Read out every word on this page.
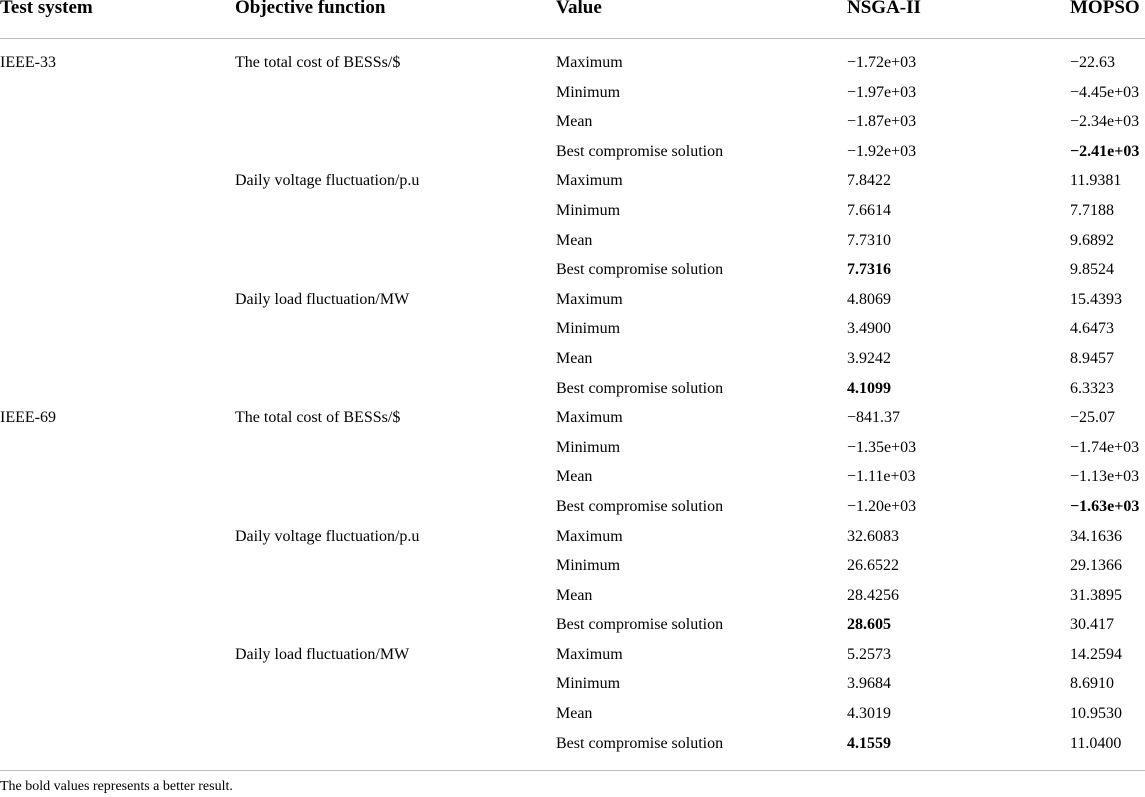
Test system	Objective function	Value	NSGA-II	MOPSO
IEEE-33	The total cost of BESSs/$	Maximum	−1.72e+03	−22.63
Minimum	−1.97e+03	−4.45e+03
Mean	−1.87e+03	−2.34e+03
Best compromise solution	−1.92e+03	−2.41e+03
Daily voltage fluctuation/p.u	Maximum	7.8422	11.9381
Minimum	7.6614	7.7188
Mean	7.7310	9.6892
Best compromise solution	7.7316	9.8524
Daily load fluctuation/MW	Maximum	4.8069	15.4393
Minimum	3.4900	4.6473
Mean	3.9242	8.9457
Best compromise solution	4.1099	6.3323
IEEE-69	The total cost of BESSs/$	Maximum	−841.37	−25.07
Minimum	−1.35e+03	−1.74e+03
Mean	−1.11e+03	−1.13e+03
Best compromise solution	−1.20e+03	−1.63e+03
Daily voltage fluctuation/p.u	Maximum	32.6083	34.1636
Minimum	26.6522	29.1366
Mean	28.4256	31.3895
Best compromise solution	28.605	30.417
Daily load fluctuation/MW	Maximum	5.2573	14.2594
Minimum	3.9684	8.6910
Mean	4.3019	10.9530
Best compromise solution	4.1559	11.0400
The bold values represents a better result.
